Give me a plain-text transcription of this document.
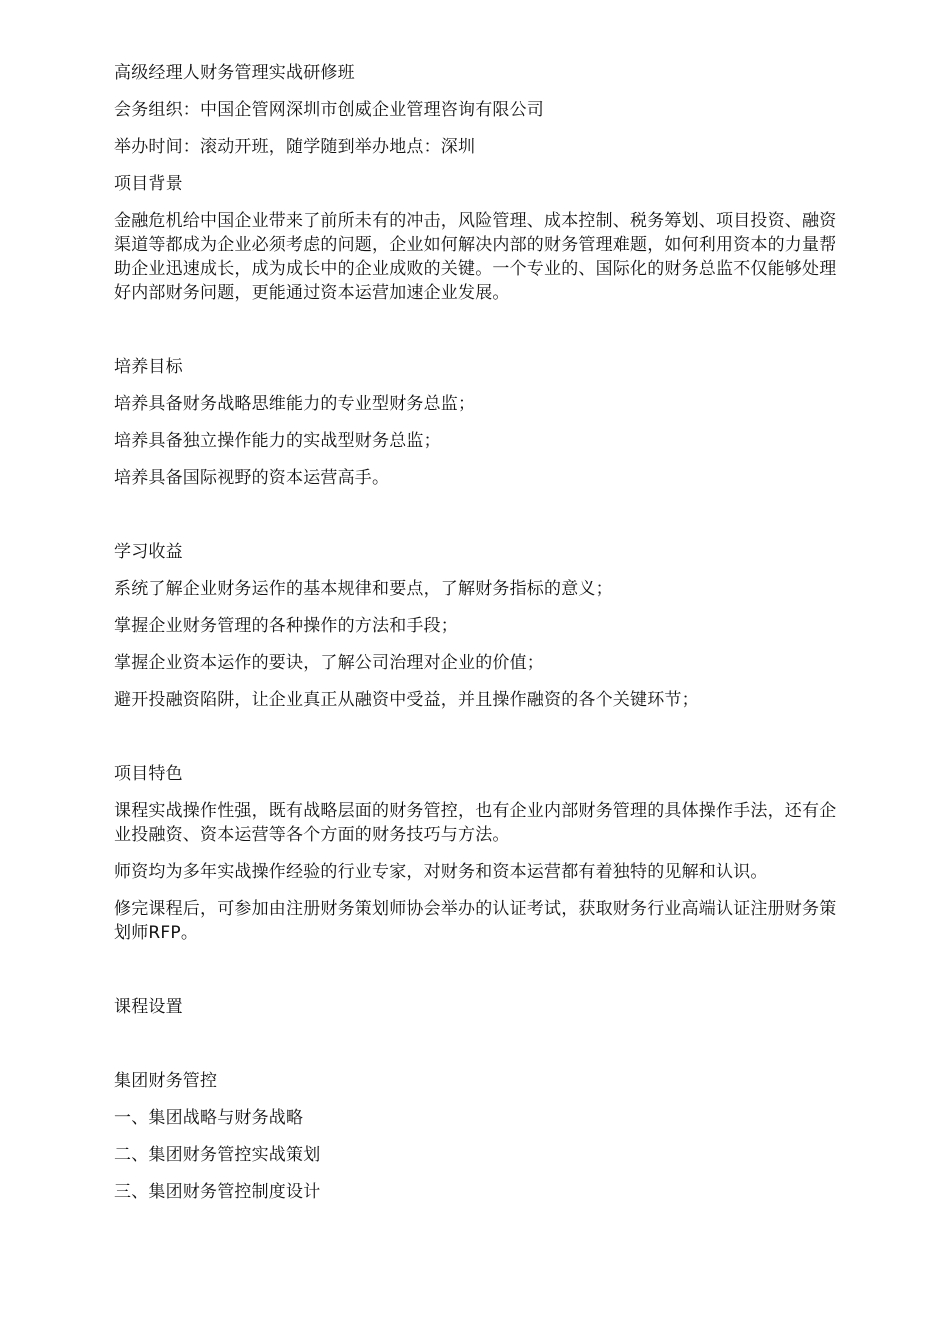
高级经理人财务管理实战研修班

会务组织：中国企管网深圳市创威企业管理咨询有限公司

举办时间：滚动开班，随学随到举办地点：深圳

项目背景

金融危机给中国企业带来了前所未有的冲击，风险管理、成本控制、税务筹划、项目投资、融资渠道等都成为企业必须考虑的问题，企业如何解决内部的财务管理难题，如何利用资本的力量帮助企业迅速成长，成为成长中的企业成败的关键。一个专业的、国际化的财务总监不仅能够处理好内部财务问题，更能通过资本运营加速企业发展。

培养目标

培养具备财务战略思维能力的专业型财务总监；

培养具备独立操作能力的实战型财务总监；

培养具备国际视野的资本运营高手。

学习收益

系统了解企业财务运作的基本规律和要点，了解财务指标的意义；

掌握企业财务管理的各种操作的方法和手段；

掌握企业资本运作的要诀，了解公司治理对企业的价值；

避开投融资陷阱，让企业真正从融资中受益，并且操作融资的各个关键环节；

项目特色

课程实战操作性强，既有战略层面的财务管控，也有企业内部财务管理的具体操作手法，还有企业投融资、资本运营等各个方面的财务技巧与方法。

师资均为多年实战操作经验的行业专家，对财务和资本运营都有着独特的见解和认识。

修完课程后，可参加由注册财务策划师协会举办的认证考试，获取财务行业高端认证注册财务策划师RFP。

课程设置

集团财务管控

一、集团战略与财务战略

二、集团财务管控实战策划

三、集团财务管控制度设计
